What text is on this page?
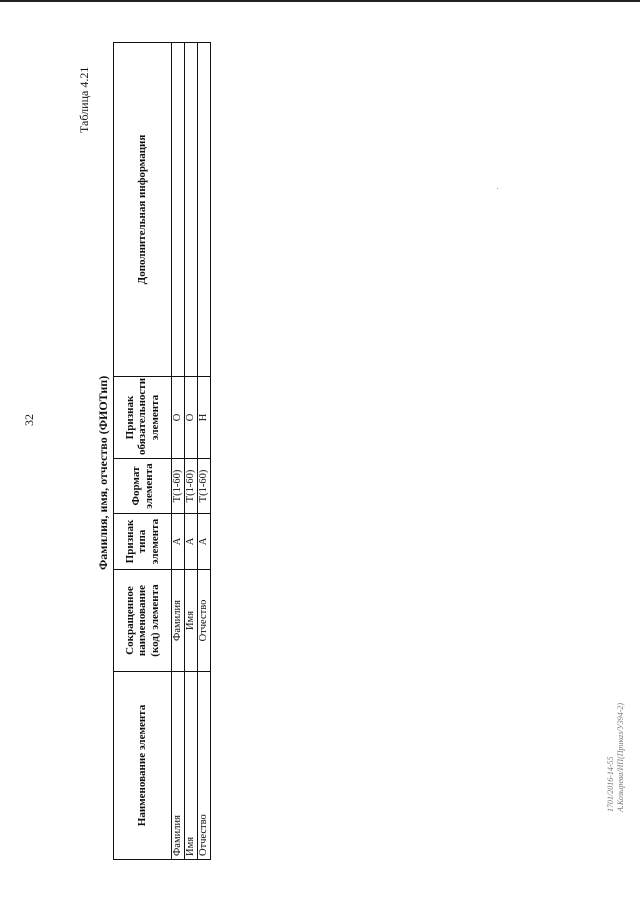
32
Таблица 4.21
Фамилия, имя, отчество (ФИОТип)
Наименование элемента	Сокращенное наименование (код) элемента	Признак типа элемента	Формат элемента	Признак обязательности элемента	Дополнительная информация
Фамилия	Фамилия	А	T(1-60)	О	
Имя	Имя	А	T(1-60)	О	
Отчество	Отчество	А	T(1-60)	Н	
1701/2016-14-55 А.Козырева/ИП(Приказ/УЗ94-2)
